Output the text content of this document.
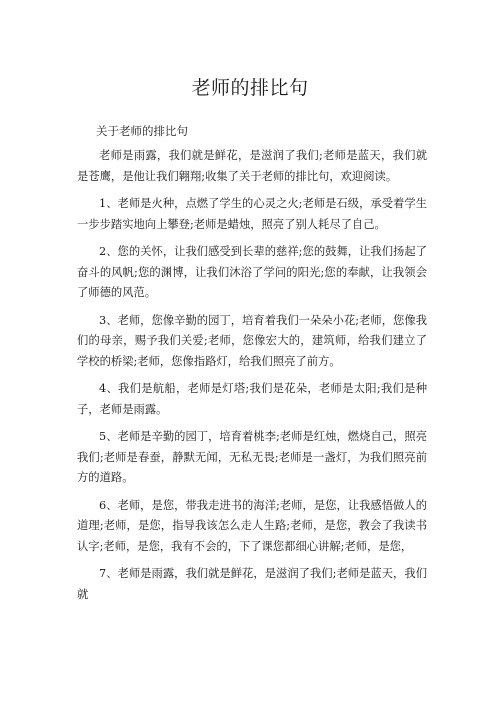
老师的排比句
关于老师的排比句

老师是雨露，我们就是鲜花，是滋润了我们;老师是蓝天，我们就是苍鹰，是他让我们翱翔;收集了关于老师的排比句，欢迎阅读。

1、老师是火种，点燃了学生的心灵之火;老师是石级，承受着学生一步步踏实地向上攀登;老师是蜡烛，照亮了别人耗尽了自己。

2、您的关怀，让我们感受到长辈的慈祥;您的鼓舞，让我们扬起了奋斗的风帆;您的渊博，让我们沐浴了学问的阳光;您的奉献，让我领会了师德的风范。

3、老师，您像辛勤的园丁，培育着我们一朵朵小花;老师，您像我们的母亲，赐予我们关爱;老师，您像宏大的，建筑师，给我们建立了学校的桥梁;老师，您像指路灯，给我们照亮了前方。

4、我们是航船，老师是灯塔;我们是花朵，老师是太阳;我们是种子，老师是雨露。

5、老师是辛勤的园丁，培育着桃李;老师是红烛，燃烧自己，照亮我们;老师是春蚕，静默无闻，无私无畏;老师是一盏灯，为我们照亮前方的道路。

6、老师，是您，带我走进书的海洋;老师，是您，让我感悟做人的道理;老师，是您，指导我该怎么走人生路;老师，是您，教会了我读书认字;老师，是您，我有不会的，下了课您都细心讲解;老师，是您，

7、老师是雨露，我们就是鲜花，是滋润了我们;老师是蓝天，我们就
